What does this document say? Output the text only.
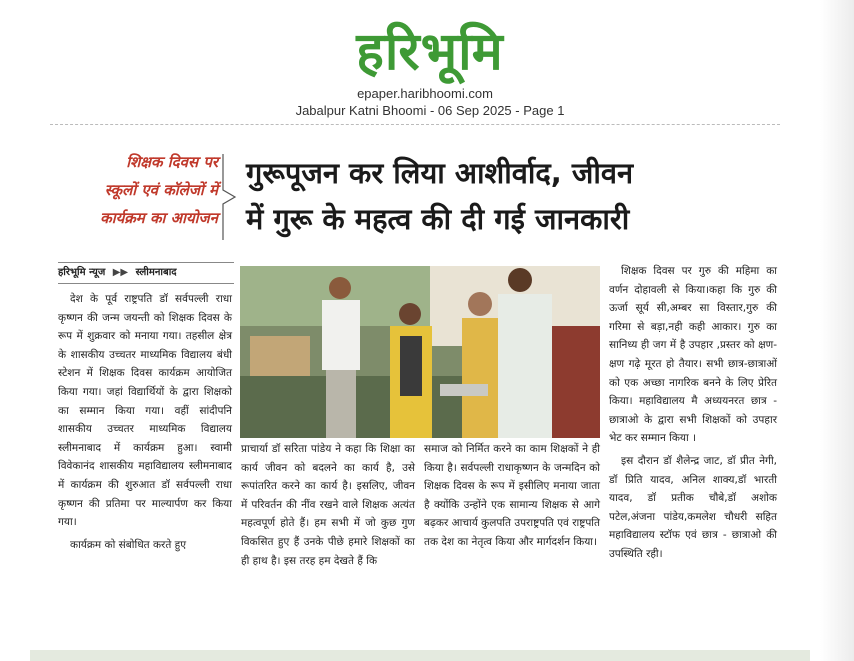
हरिभूमि
epaper.haribhoomi.com
Jabalpur Katni Bhoomi - 06 Sep 2025 - Page 1
शिक्षक दिवस पर
स्कूलों एवं कॉलेजों में
कार्यक्रम का आयोजन
गुरूपूजन कर लिया आशीर्वाद, जीवन
में गुरू के महत्व की दी गई जानकारी
हरिभूमि न्यूज ▶▶ स्लीमनाबाद

देश के पूर्व राष्ट्रपति डॉ सर्वपल्ली राधा कृष्णन की जन्म जयन्ती को शिक्षक दिवस के रूप में शुक्रवार को मनाया गया। तहसील क्षेत्र के शासकीय उच्चतर माध्यमिक विद्यालय बंधी स्टेशन में शिक्षक दिवस कार्यक्रम आयोजित किया गया। जहां विद्यार्थियों के द्वारा शिक्षको का सम्मान किया गया। वहीं सांदीपनि शासकीय उच्चतर माध्यमिक विद्यालय स्लीमनाबाद में कार्यक्रम हुआ। स्वामी विवेकानंद शासकीय महाविद्यालय स्लीमनाबाद में कार्यक्रम की शुरुआत डॉ सर्वपल्ली राधा कृष्णन की प्रतिमा पर माल्यार्पण कर किया गया।

कार्यक्रम को संबोधित करते हुए

प्राचार्या डॉ सरिता पांडेय ने कहा कि शिक्षा का कार्य जीवन को बदलने का कार्य है, उसे रूपांतरित करने का कार्य है। इसलिए, जीवन में परिवर्तन की नींव रखने वाले शिक्षक अत्यंत महत्वपूर्ण होते हैं। हम सभी में जो कुछ गुण विकसित हुए हैं उनके पीछे हमारे शिक्षकों का ही हाथ है। इस तरह हम देखते हैं कि

समाज को निर्मित करने का काम शिक्षकों ने ही किया है। सर्वपल्ली राधाकृष्णन के जन्मदिन को शिक्षक दिवस के रूप में इसीलिए मनाया जाता है क्योंकि उन्होंने एक सामान्य शिक्षक से आगे बढ़कर आचार्य कुलपति उपराष्ट्रपति एवं राष्ट्रपति तक देश का नेतृत्व किया और मार्गदर्शन किया।

शिक्षक दिवस पर गुरु की महिमा का वर्णन दोहावली से किया।कहा कि गुरु की ऊर्जा सूर्य सी,अम्बर सा विस्तार,गुरु की गरिमा से बड़ा,नही कही आकार। गुरु का सानिध्य ही जग में है उपहार ,प्रस्तर को क्षण-क्षण गढ़े मूरत हो तैयार। सभी छात्र-छात्राओं को एक अच्छा नागरिक बनने के लिए प्रेरित किया। महाविद्यालय मै अध्ययनरत छात्र - छात्राओ के द्वारा सभी शिक्षकों को उपहार भेट कर सम्मान किया ।

इस दौरान डॉ शैलेन्द्र जाट, डॉ प्रीत नेगी, डॉ प्रिति यादव, अनिल शाक्य,डॉ भारती यादव, डॉ प्रतीक चौबे,डॉ अशोक पटेल,अंजना पांडेय,कमलेश चौधरी सहित महाविद्यालय स्टॉफ एवं छात्र - छात्राओ की उपस्थिति रही।
